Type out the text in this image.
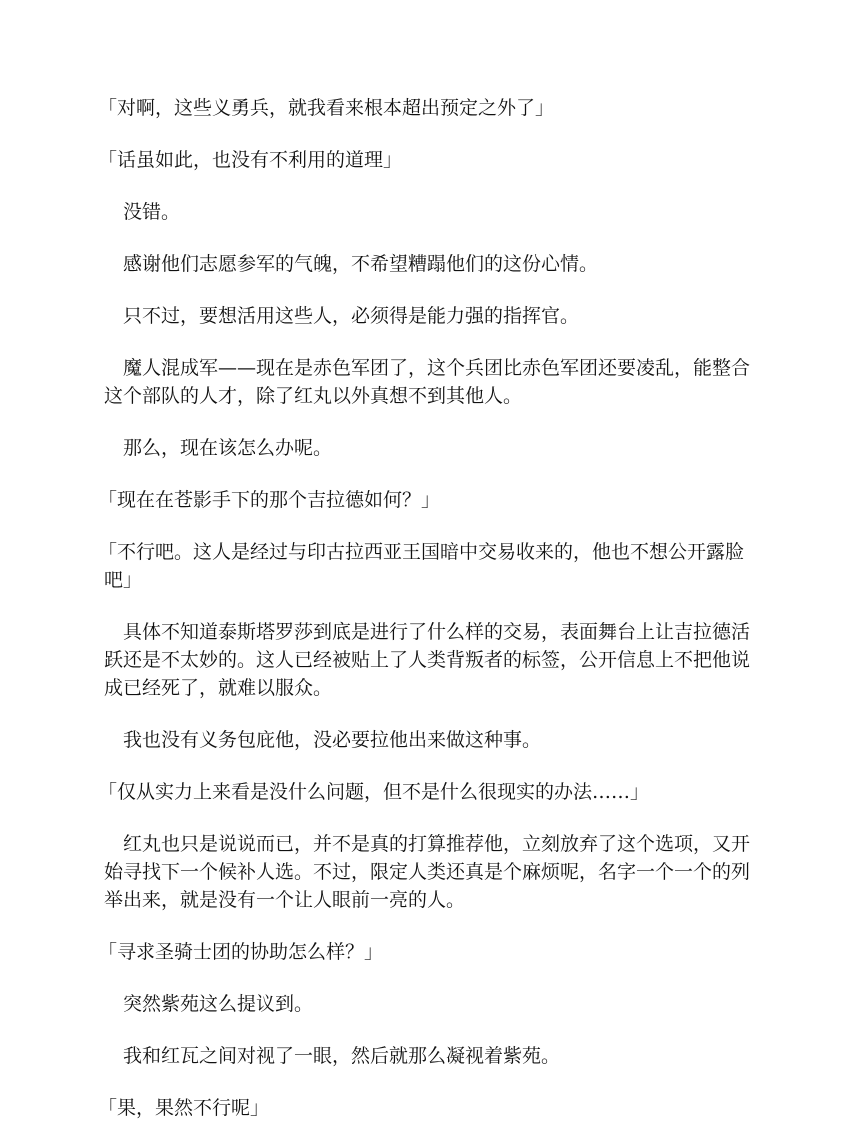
「对啊，这些义勇兵，就我看来根本超出预定之外了」

「话虽如此，也没有不利用的道理」

没错。

感谢他们志愿参军的气魄，不希望糟蹋他们的这份心情。

只不过，要想活用这些人，必须得是能力强的指挥官。

魔人混成军——现在是赤色军团了，这个兵团比赤色军团还要凌乱，能整合这个部队的人才，除了红丸以外真想不到其他人。

那么，现在该怎么办呢。

「现在在苍影手下的那个吉拉德如何？」

「不行吧。这人是经过与印古拉西亚王国暗中交易收来的，他也不想公开露脸吧」

具体不知道泰斯塔罗莎到底是进行了什么样的交易，表面舞台上让吉拉德活跃还是不太妙的。这人已经被贴上了人类背叛者的标签，公开信息上不把他说成已经死了，就难以服众。

我也没有义务包庇他，没必要拉他出来做这种事。

「仅从实力上来看是没什么问题，但不是什么很现实的办法……」

红丸也只是说说而已，并不是真的打算推荐他，立刻放弃了这个选项，又开始寻找下一个候补人选。不过，限定人类还真是个麻烦呢，名字一个一个的列举出来，就是没有一个让人眼前一亮的人。

「寻求圣骑士团的协助怎么样？」

突然紫苑这么提议到。

我和红瓦之间对视了一眼，然后就那么凝视着紫苑。

「果，果然不行呢」
